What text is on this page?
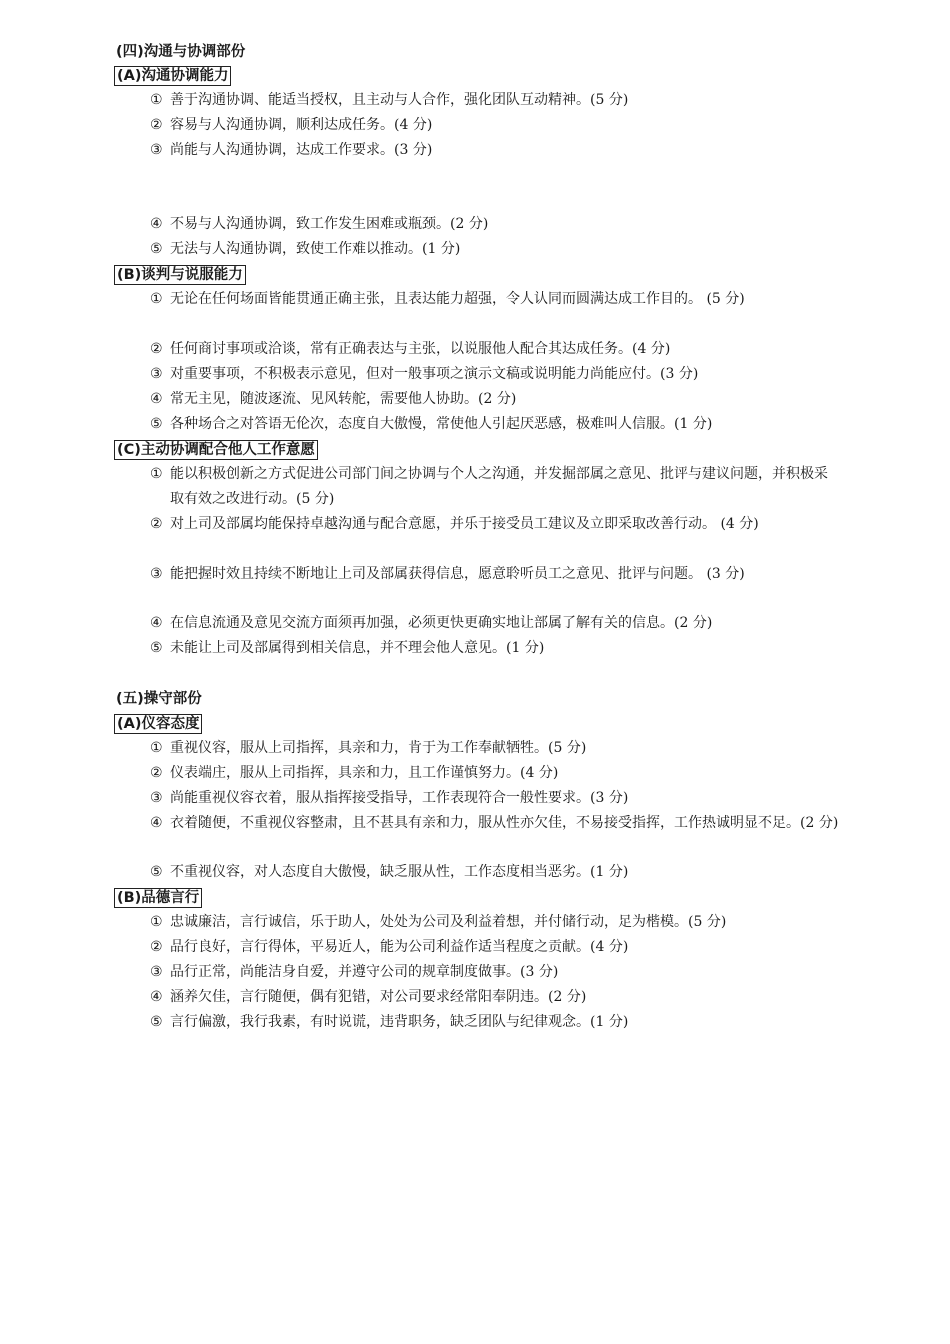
(四)沟通与协调部份
(A)沟通协调能力
① 善于沟通协调、能适当授权，且主动与人合作，强化团队互动精神。(5 分)
② 容易与人沟通协调，顺利达成任务。(4 分)
③ 尚能与人沟通协调，达成工作要求。(3 分)
④ 不易与人沟通协调，致工作发生困难或瓶颈。(2 分)
⑤ 无法与人沟通协调，致使工作难以推动。(1 分)
(B)谈判与说服能力
① 无论在任何场面皆能贯通正确主张，且表达能力超强，令人认同而圆满达成工作目的。 (5 分)
② 任何商讨事项或洽谈，常有正确表达与主张，以说服他人配合其达成任务。(4 分)
③ 对重要事项，不积极表示意见，但对一般事项之演示文稿或说明能力尚能应付。(3 分)
④ 常无主见，随波逐流、见风转舵，需要他人协助。(2 分)
⑤ 各种场合之对答语无伦次，态度自大傲慢，常使他人引起厌恶感，极难叫人信服。(1 分)
(C)主动协调配合他人工作意愿
① 能以积极创新之方式促进公司部门间之协调与个人之沟通，并发掘部属之意见、批评与建议问题，并积极采取有效之改进行动。(5 分)
② 对上司及部属均能保持卓越沟通与配合意愿，并乐于接受员工建议及立即采取改善行动。 (4 分)
③ 能把握时效且持续不断地让上司及部属获得信息，愿意聆听员工之意见、批评与问题。 (3 分)
④ 在信息流通及意见交流方面须再加强，必须更快更确实地让部属了解有关的信息。(2 分)
⑤ 未能让上司及部属得到相关信息，并不理会他人意见。(1 分)
(五)操守部份
(A)仪容态度
① 重视仪容，服从上司指挥，具亲和力，肯于为工作奉献牺牲。(5 分)
② 仪表端庄，服从上司指挥，具亲和力，且工作谨慎努力。(4 分)
③ 尚能重视仪容衣着，服从指挥接受指导，工作表现符合一般性要求。(3 分)
④ 衣着随便，不重视仪容整肃，且不甚具有亲和力，服从性亦欠佳，不易接受指挥，工作热诚明显不足。(2 分)
⑤ 不重视仪容，对人态度自大傲慢，缺乏服从性，工作态度相当恶劣。(1 分)
(B)品德言行
① 忠诚廉洁，言行诚信，乐于助人，处处为公司及利益着想，并付储行动，足为楷模。(5 分)
② 品行良好，言行得体，平易近人，能为公司利益作适当程度之贡献。(4 分)
③ 品行正常，尚能洁身自爱，并遵守公司的规章制度做事。(3 分)
④ 涵养欠佳，言行随便，偶有犯错，对公司要求经常阳奉阴违。(2 分)
⑤ 言行偏激，我行我素，有时说谎，违背职务，缺乏团队与纪律观念。(1 分)
